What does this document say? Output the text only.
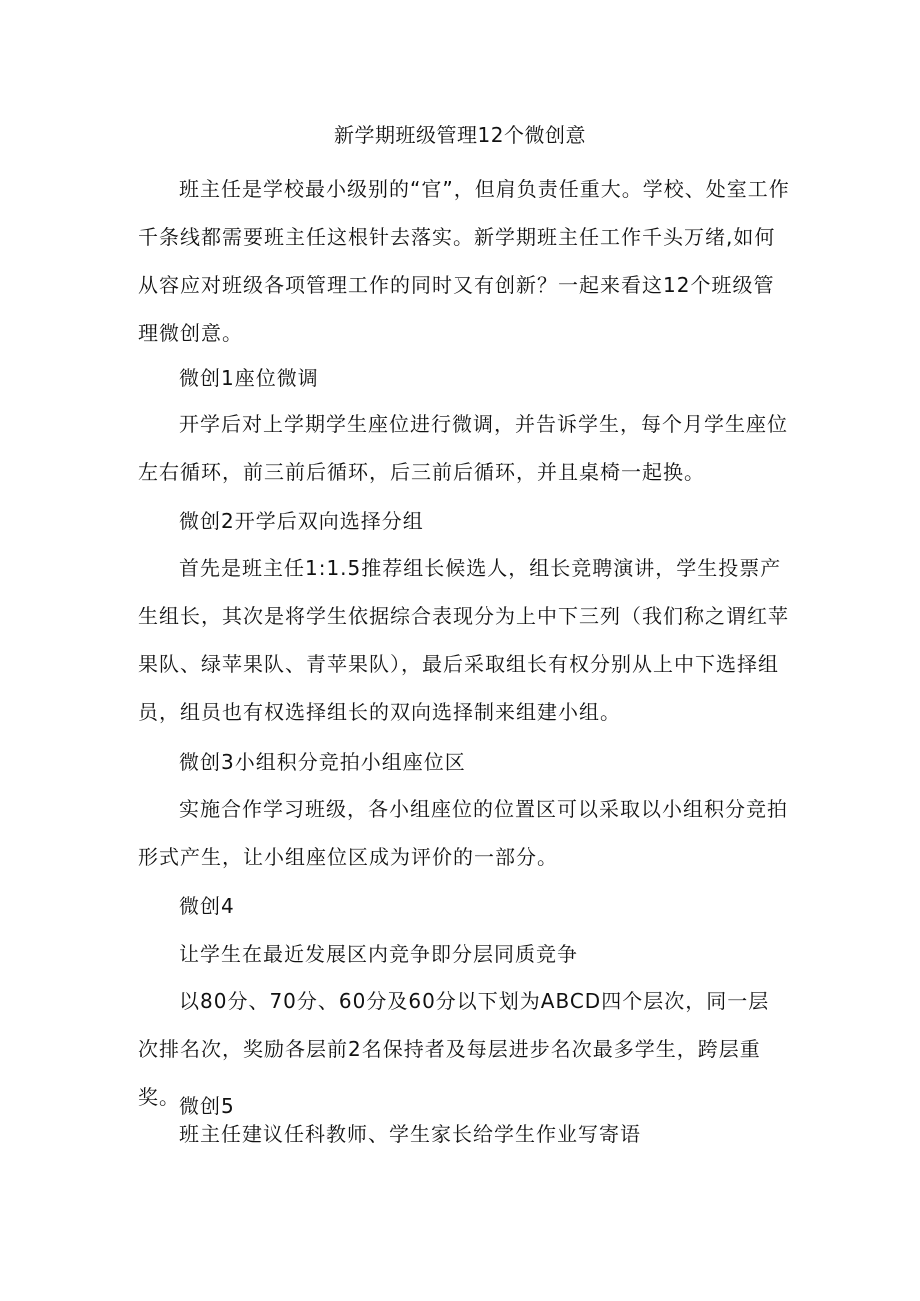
新学期班级管理12个微创意

班主任是学校最小级别的“官”，但肩负责任重大。学校、处室工作千条线都需要班主任这根针去落实。新学期班主任工作千头万绪,如何从容应对班级各项管理工作的同时又有创新？一起来看这12个班级管理微创意。

微创1座位微调

开学后对上学期学生座位进行微调，并告诉学生，每个月学生座位左右循环，前三前后循环，后三前后循环，并且桌椅一起换。

微创2开学后双向选择分组

首先是班主任1:1.5推荐组长候选人，组长竞聘演讲，学生投票产生组长，其次是将学生依据综合表现分为上中下三列（我们称之谓红苹果队、绿苹果队、青苹果队），最后采取组长有权分别从上中下选择组员，组员也有权选择组长的双向选择制来组建小组。

微创3小组积分竞拍小组座位区

实施合作学习班级，各小组座位的位置区可以采取以小组积分竞拍形式产生，让小组座位区成为评价的一部分。

微创4

让学生在最近发展区内竞争即分层同质竞争

以80分、70分、60分及60分以下划为ABCD四个层次，同一层次排名次，奖励各层前2名保持者及每层进步名次最多学生，跨层重奖。 微创5

班主任建议任科教师、学生家长给学生作业写寄语
